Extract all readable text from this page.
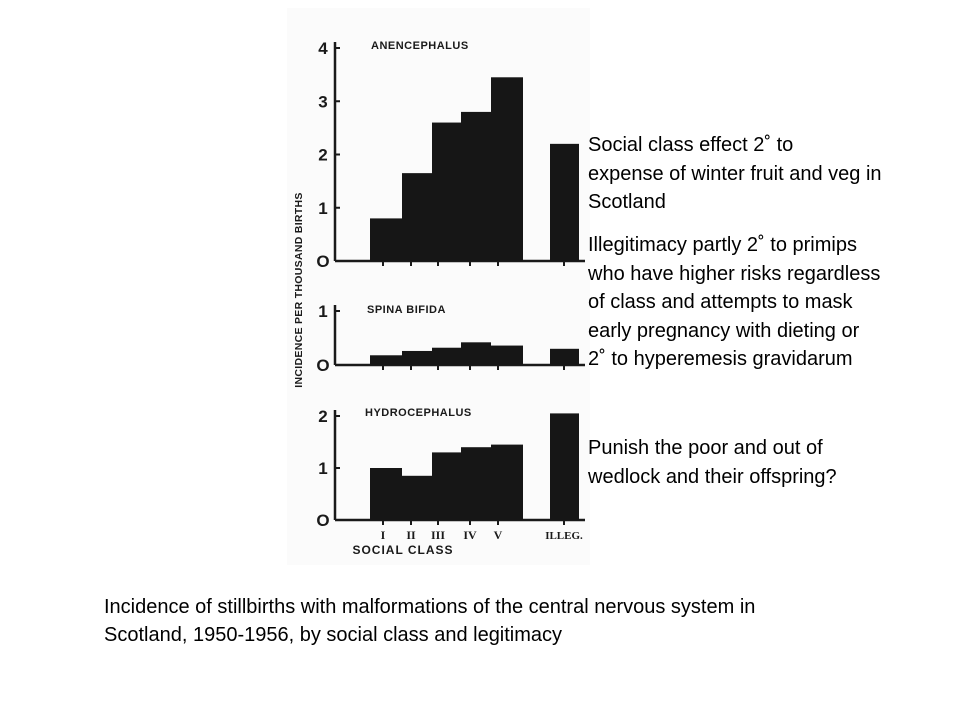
O
1
2
3
4	ANENCEPHALUS
O
1	SPINA BIFIDA
O
1
2	HYDROCEPHALUS
I II III IV V	ILLEG.
SOCIAL CLASS
INCIDENCE PER THOUSAND BIRTHS

Social class effect 2˚ to
expense of winter fruit and veg in
Scotland

Illegitimacy partly 2˚ to primips
who have higher risks regardless
of class and attempts to mask
early pregnancy with dieting or
2˚ to hyperemesis gravidarum

Punish the poor and out of
wedlock and their offspring?

Incidence of stillbirths with malformations of the central nervous system in
Scotland, 1950-1956, by social class and legitimacy
